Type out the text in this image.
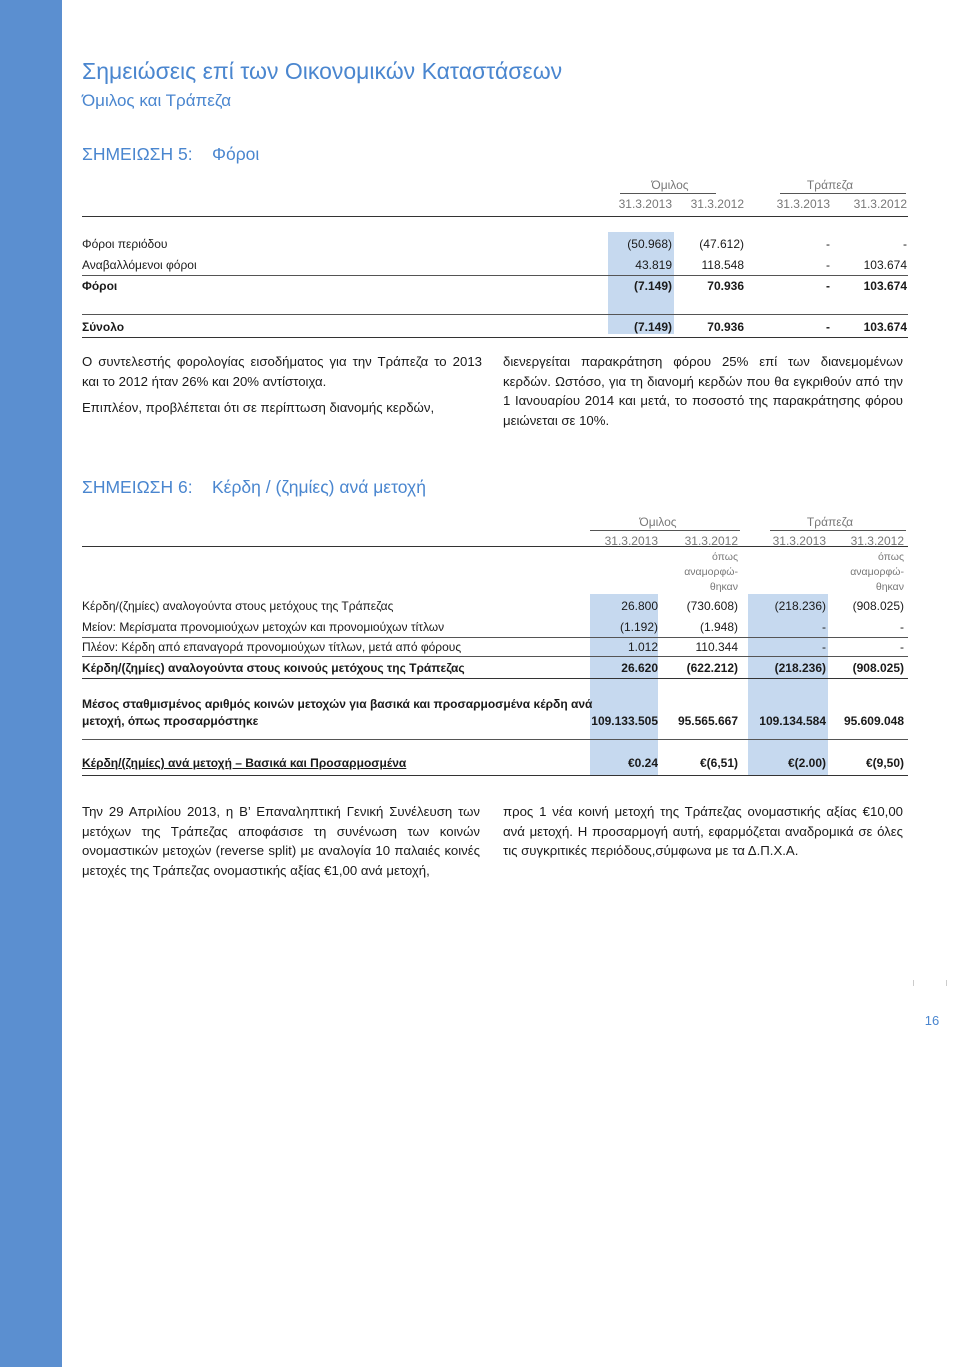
Σημειώσεις επί των Οικονομικών Καταστάσεων
Όμιλος και Τράπεζα
ΣΗΜΕΙΩΣΗ 5: Φόροι
Όμιλος	Τράπεζα
31.3.2013	31.3.2012	31.3.2013	31.3.2012
Φόροι περιόδου	(50.968)	(47.612)	-	-
Αναβαλλόμενοι φόροι	43.819	118.548	-	103.674
Φόροι	(7.149)	70.936	-	103.674
Σύνολο	(7.149)	70.936	-	103.674
Ο συντελεστής φορολογίας εισοδήματος για την Τράπεζα το 2013 και το 2012 ήταν 26% και 20% αντίστοιχα.
Επιπλέον, προβλέπεται ότι σε περίπτωση διανομής κερδών,
διενεργείται παρακράτηση φόρου 25% επί των διανεμομένων κερδών. Ωστόσο, για τη διανομή κερδών που θα εγκριθούν από την 1 Ιανουαρίου 2014 και μετά, το ποσοστό της παρακράτησης φόρου μειώνεται σε 10%.
ΣΗΜΕΙΩΣΗ 6: Κέρδη / (ζημίες) ανά μετοχή
Όμιλος	Τράπεζα
31.3.2013	31.3.2012	31.3.2013	31.3.2012
όπως
αναμορφώ-
θηκαν
όπως
αναμορφώ-
θηκαν
Κέρδη/(ζημίες) αναλογούντα στους μετόχους της Τράπεζας	26.800	(730.608)	(218.236)	(908.025)
Μείον: Μερίσματα προνομιούχων μετοχών και προνομιούχων τίτλων	(1.192)	(1.948)	-	-
Πλέον: Κέρδη από επαναγορά προνομιούχων τίτλων, μετά από φόρους	1.012	110.344	-	-
Κέρδη/(ζημίες) αναλογούντα στους κοινούς μετόχους της Τράπεζας	26.620	(622.212)	(218.236)	(908.025)
Μέσος σταθμισμένος αριθμός κοινών μετοχών για βασικά και προσαρμοσμένα κέρδη ανά
μετοχή, όπως προσαρμόστηκε	109.133.505	95.565.667	109.134.584	95.609.048
Κέρδη/(ζημίες) ανά μετοχή – Βασικά και Προσαρμοσμένα	€0.24	€(6,51)	€(2.00)	€(9,50)
Την 29 Απριλίου 2013, η Β’ Επαναληπτική Γενική Συνέλευση των μετόχων της Τράπεζας αποφάσισε τη συνένωση των κοινών ονομαστικών μετοχών (reverse split) με αναλογία 10 παλαιές κοινές μετοχές της Τράπεζας ονομαστικής αξίας €1,00 ανά μετοχή,
προς 1 νέα κοινή μετοχή της Τράπεζας ονομαστικής αξίας €10,00 ανά μετοχή. Η προσαρμογή αυτή, εφαρμόζεται αναδρομικά σε όλες τις συγκριτικές περιόδους,σύμφωνα με τα Δ.Π.Χ.Α.
16
